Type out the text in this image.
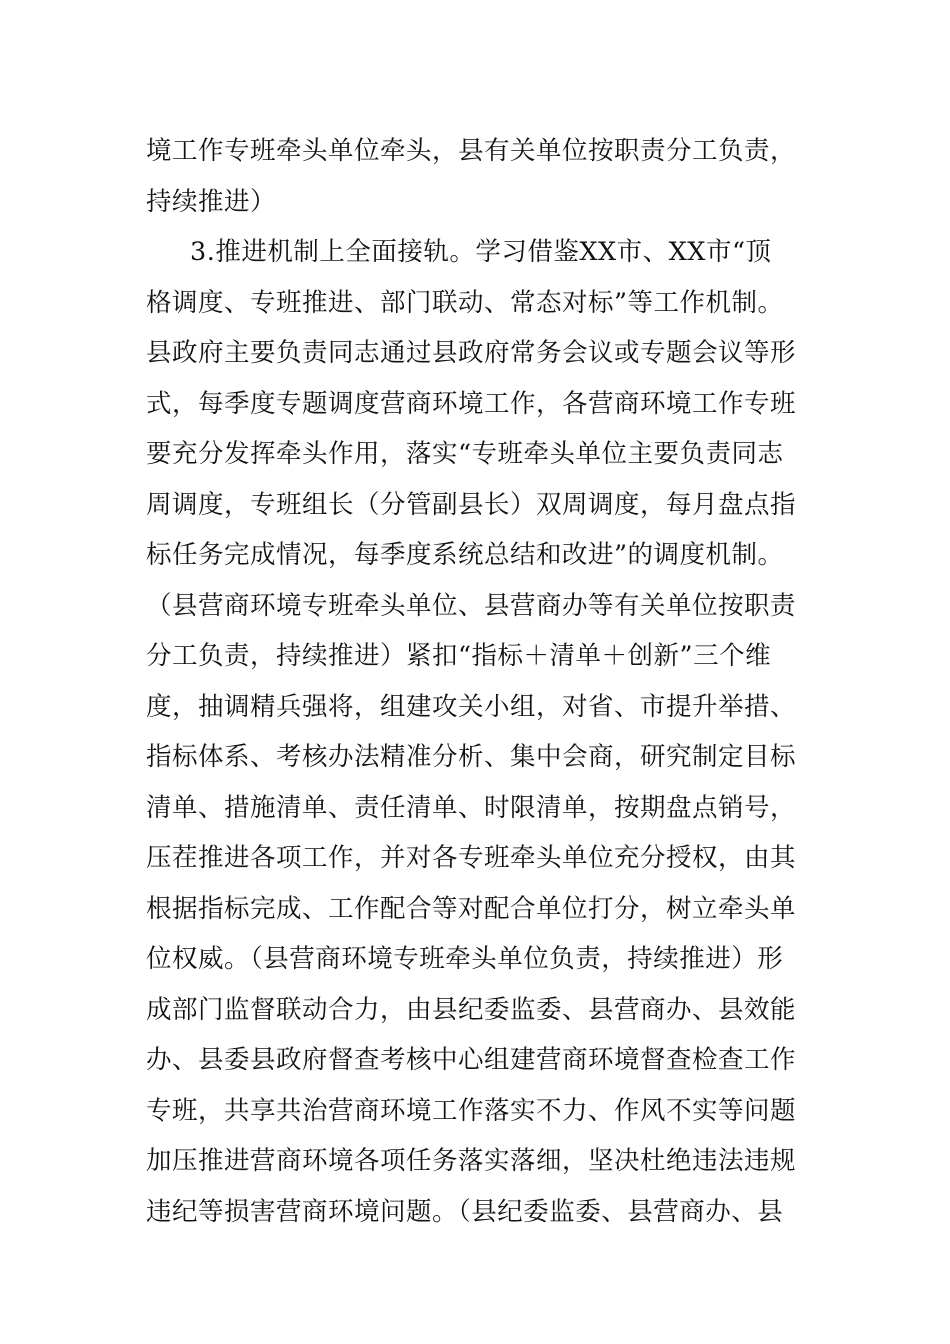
境工作专班牵头单位牵头，县有关单位按职责分工负责，
持续推进）
3.推进机制上全面接轨。学习借鉴XX市、XX市“顶
格调度、专班推进、部门联动、常态对标”等工作机制。
县政府主要负责同志通过县政府常务会议或专题会议等形
式，每季度专题调度营商环境工作，各营商环境工作专班
要充分发挥牵头作用，落实“专班牵头单位主要负责同志
周调度，专班组长（分管副县长）双周调度，每月盘点指
标任务完成情况，每季度系统总结和改进”的调度机制。
（县营商环境专班牵头单位、县营商办等有关单位按职责
分工负责，持续推进）紧扣“指标＋清单＋创新”三个维
度，抽调精兵强将，组建攻关小组，对省、市提升举措、
指标体系、考核办法精准分析、集中会商，研究制定目标
清单、措施清单、责任清单、时限清单，按期盘点销号，
压茬推进各项工作，并对各专班牵头单位充分授权，由其
根据指标完成、工作配合等对配合单位打分，树立牵头单
位权威。（县营商环境专班牵头单位负责，持续推进）形
成部门监督联动合力，由县纪委监委、县营商办、县效能
办、县委县政府督查考核中心组建营商环境督查检查工作
专班，共享共治营商环境工作落实不力、作风不实等问题
加压推进营商环境各项任务落实落细，坚决杜绝违法违规
违纪等损害营商环境问题。（县纪委监委、县营商办、县
